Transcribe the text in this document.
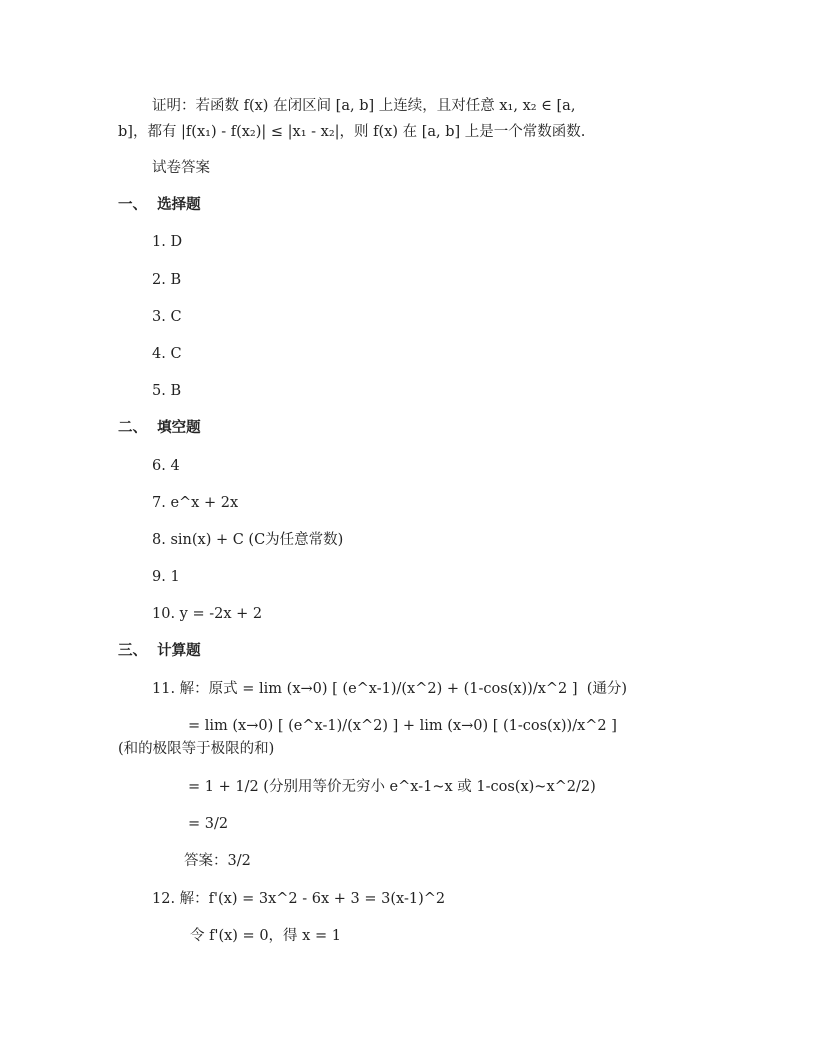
证明：若函数 f(x) 在闭区间 [a, b] 上连续，且对任意 x₁, x₂ ∈ [a,
b]，都有 |f(x₁) - f(x₂)| ≤ |x₁ - x₂|，则 f(x) 在 [a, b] 上是一个常数函数.
试卷答案
一、  选择题
1. D
2. B
3. C
4. C
5. B
二、  填空题
6. 4
7. e^x + 2x
8. sin(x) + C (C为任意常数)
9. 1
10. y = -2x + 2
三、  计算题
11. 解：原式 = lim (x→0) [ (e^x-1)/(x^2) + (1-cos(x))/x^2 ]  (通分)
= lim (x→0) [ (e^x-1)/(x^2) ] + lim (x→0) [ (1-cos(x))/x^2 ]
(和的极限等于极限的和)
= 1 + 1/2 (分别用等价无穷小 e^x-1~x 或 1-cos(x)~x^2/2)
= 3/2
答案：3/2
12. 解：f'(x) = 3x^2 - 6x + 3 = 3(x-1)^2
令 f'(x) = 0，得 x = 1
